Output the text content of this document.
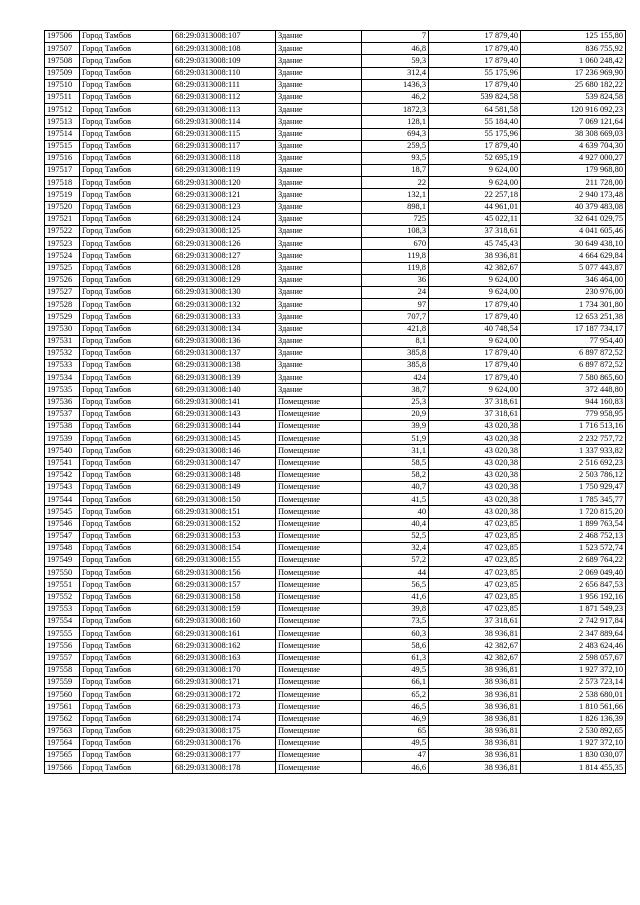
197506	Город Тамбов	68:29:0313008:107	Здание	7	17 879,40	125 155,80
197507	Город Тамбов	68:29:0313008:108	Здание	46,8	17 879,40	836 755,92
197508	Город Тамбов	68:29:0313008:109	Здание	59,3	17 879,40	1 060 248,42
197509	Город Тамбов	68:29:0313008:110	Здание	312,4	55 175,96	17 236 969,90
197510	Город Тамбов	68:29:0313008:111	Здание	1436,3	17 879,40	25 680 182,22
197511	Город Тамбов	68:29:0313008:112	Здание	46,2	539 824,58	539 824,58
197512	Город Тамбов	68:29:0313008:113	Здание	1872,3	64 581,58	120 916 092,23
197513	Город Тамбов	68:29:0313008:114	Здание	128,1	55 184,40	7 069 121,64
197514	Город Тамбов	68:29:0313008:115	Здание	694,3	55 175,96	38 308 669,03
197515	Город Тамбов	68:29:0313008:117	Здание	259,5	17 879,40	4 639 704,30
197516	Город Тамбов	68:29:0313008:118	Здание	93,5	52 695,19	4 927 000,27
197517	Город Тамбов	68:29:0313008:119	Здание	18,7	9 624,00	179 968,80
197518	Город Тамбов	68:29:0313008:120	Здание	22	9 624,00	211 728,00
197519	Город Тамбов	68:29:0313008:121	Здание	132,1	22 257,18	2 940 173,48
197520	Город Тамбов	68:29:0313008:123	Здание	898,1	44 961,01	40 379 483,08
197521	Город Тамбов	68:29:0313008:124	Здание	725	45 022,11	32 641 029,75
197522	Город Тамбов	68:29:0313008:125	Здание	108,3	37 318,61	4 041 605,46
197523	Город Тамбов	68:29:0313008:126	Здание	670	45 745,43	30 649 438,10
197524	Город Тамбов	68:29:0313008:127	Здание	119,8	38 936,81	4 664 629,84
197525	Город Тамбов	68:29:0313008:128	Здание	119,8	42 382,67	5 077 443,87
197526	Город Тамбов	68:29:0313008:129	Здание	36	9 624,00	346 464,00
197527	Город Тамбов	68:29:0313008:130	Здание	24	9 624,00	230 976,00
197528	Город Тамбов	68:29:0313008:132	Здание	97	17 879,40	1 734 301,80
197529	Город Тамбов	68:29:0313008:133	Здание	707,7	17 879,40	12 653 251,38
197530	Город Тамбов	68:29:0313008:134	Здание	421,8	40 748,54	17 187 734,17
197531	Город Тамбов	68:29:0313008:136	Здание	8,1	9 624,00	77 954,40
197532	Город Тамбов	68:29:0313008:137	Здание	385,8	17 879,40	6 897 872,52
197533	Город Тамбов	68:29:0313008:138	Здание	385,8	17 879,40	6 897 872,52
197534	Город Тамбов	68:29:0313008:139	Здание	424	17 879,40	7 580 865,60
197535	Город Тамбов	68:29:0313008:140	Здание	38,7	9 624,00	372 448,80
197536	Город Тамбов	68:29:0313008:141	Помещение	25,3	37 318,61	944 160,83
197537	Город Тамбов	68:29:0313008:143	Помещение	20,9	37 318,61	779 958,95
197538	Город Тамбов	68:29:0313008:144	Помещение	39,9	43 020,38	1 716 513,16
197539	Город Тамбов	68:29:0313008:145	Помещение	51,9	43 020,38	2 232 757,72
197540	Город Тамбов	68:29:0313008:146	Помещение	31,1	43 020,38	1 337 933,82
197541	Город Тамбов	68:29:0313008:147	Помещение	58,5	43 020,38	2 516 692,23
197542	Город Тамбов	68:29:0313008:148	Помещение	58,2	43 020,38	2 503 786,12
197543	Город Тамбов	68:29:0313008:149	Помещение	40,7	43 020,38	1 750 929,47
197544	Город Тамбов	68:29:0313008:150	Помещение	41,5	43 020,38	1 785 345,77
197545	Город Тамбов	68:29:0313008:151	Помещение	40	43 020,38	1 720 815,20
197546	Город Тамбов	68:29:0313008:152	Помещение	40,4	47 023,85	1 899 763,54
197547	Город Тамбов	68:29:0313008:153	Помещение	52,5	47 023,85	2 468 752,13
197548	Город Тамбов	68:29:0313008:154	Помещение	32,4	47 023,85	1 523 572,74
197549	Город Тамбов	68:29:0313008:155	Помещение	57,2	47 023,85	2 689 764,22
197550	Город Тамбов	68:29:0313008:156	Помещение	44	47 023,85	2 069 049,40
197551	Город Тамбов	68:29:0313008:157	Помещение	56,5	47 023,85	2 656 847,53
197552	Город Тамбов	68:29:0313008:158	Помещение	41,6	47 023,85	1 956 192,16
197553	Город Тамбов	68:29:0313008:159	Помещение	39,8	47 023,85	1 871 549,23
197554	Город Тамбов	68:29:0313008:160	Помещение	73,5	37 318,61	2 742 917,84
197555	Город Тамбов	68:29:0313008:161	Помещение	60,3	38 936,81	2 347 889,64
197556	Город Тамбов	68:29:0313008:162	Помещение	58,6	42 382,67	2 483 624,46
197557	Город Тамбов	68:29:0313008:163	Помещение	61,3	42 382,67	2 598 057,67
197558	Город Тамбов	68:29:0313008:170	Помещение	49,5	38 936,81	1 927 372,10
197559	Город Тамбов	68:29:0313008:171	Помещение	66,1	38 936,81	2 573 723,14
197560	Город Тамбов	68:29:0313008:172	Помещение	65,2	38 936,81	2 538 680,01
197561	Город Тамбов	68:29:0313008:173	Помещение	46,5	38 936,81	1 810 561,66
197562	Город Тамбов	68:29:0313008:174	Помещение	46,9	38 936,81	1 826 136,39
197563	Город Тамбов	68:29:0313008:175	Помещение	65	38 936,81	2 530 892,65
197564	Город Тамбов	68:29:0313008:176	Помещение	49,5	38 936,81	1 927 372,10
197565	Город Тамбов	68:29:0313008:177	Помещение	47	38 936,81	1 830 030,07
197566	Город Тамбов	68:29:0313008:178	Помещение	46,6	38 936,81	1 814 455,35
